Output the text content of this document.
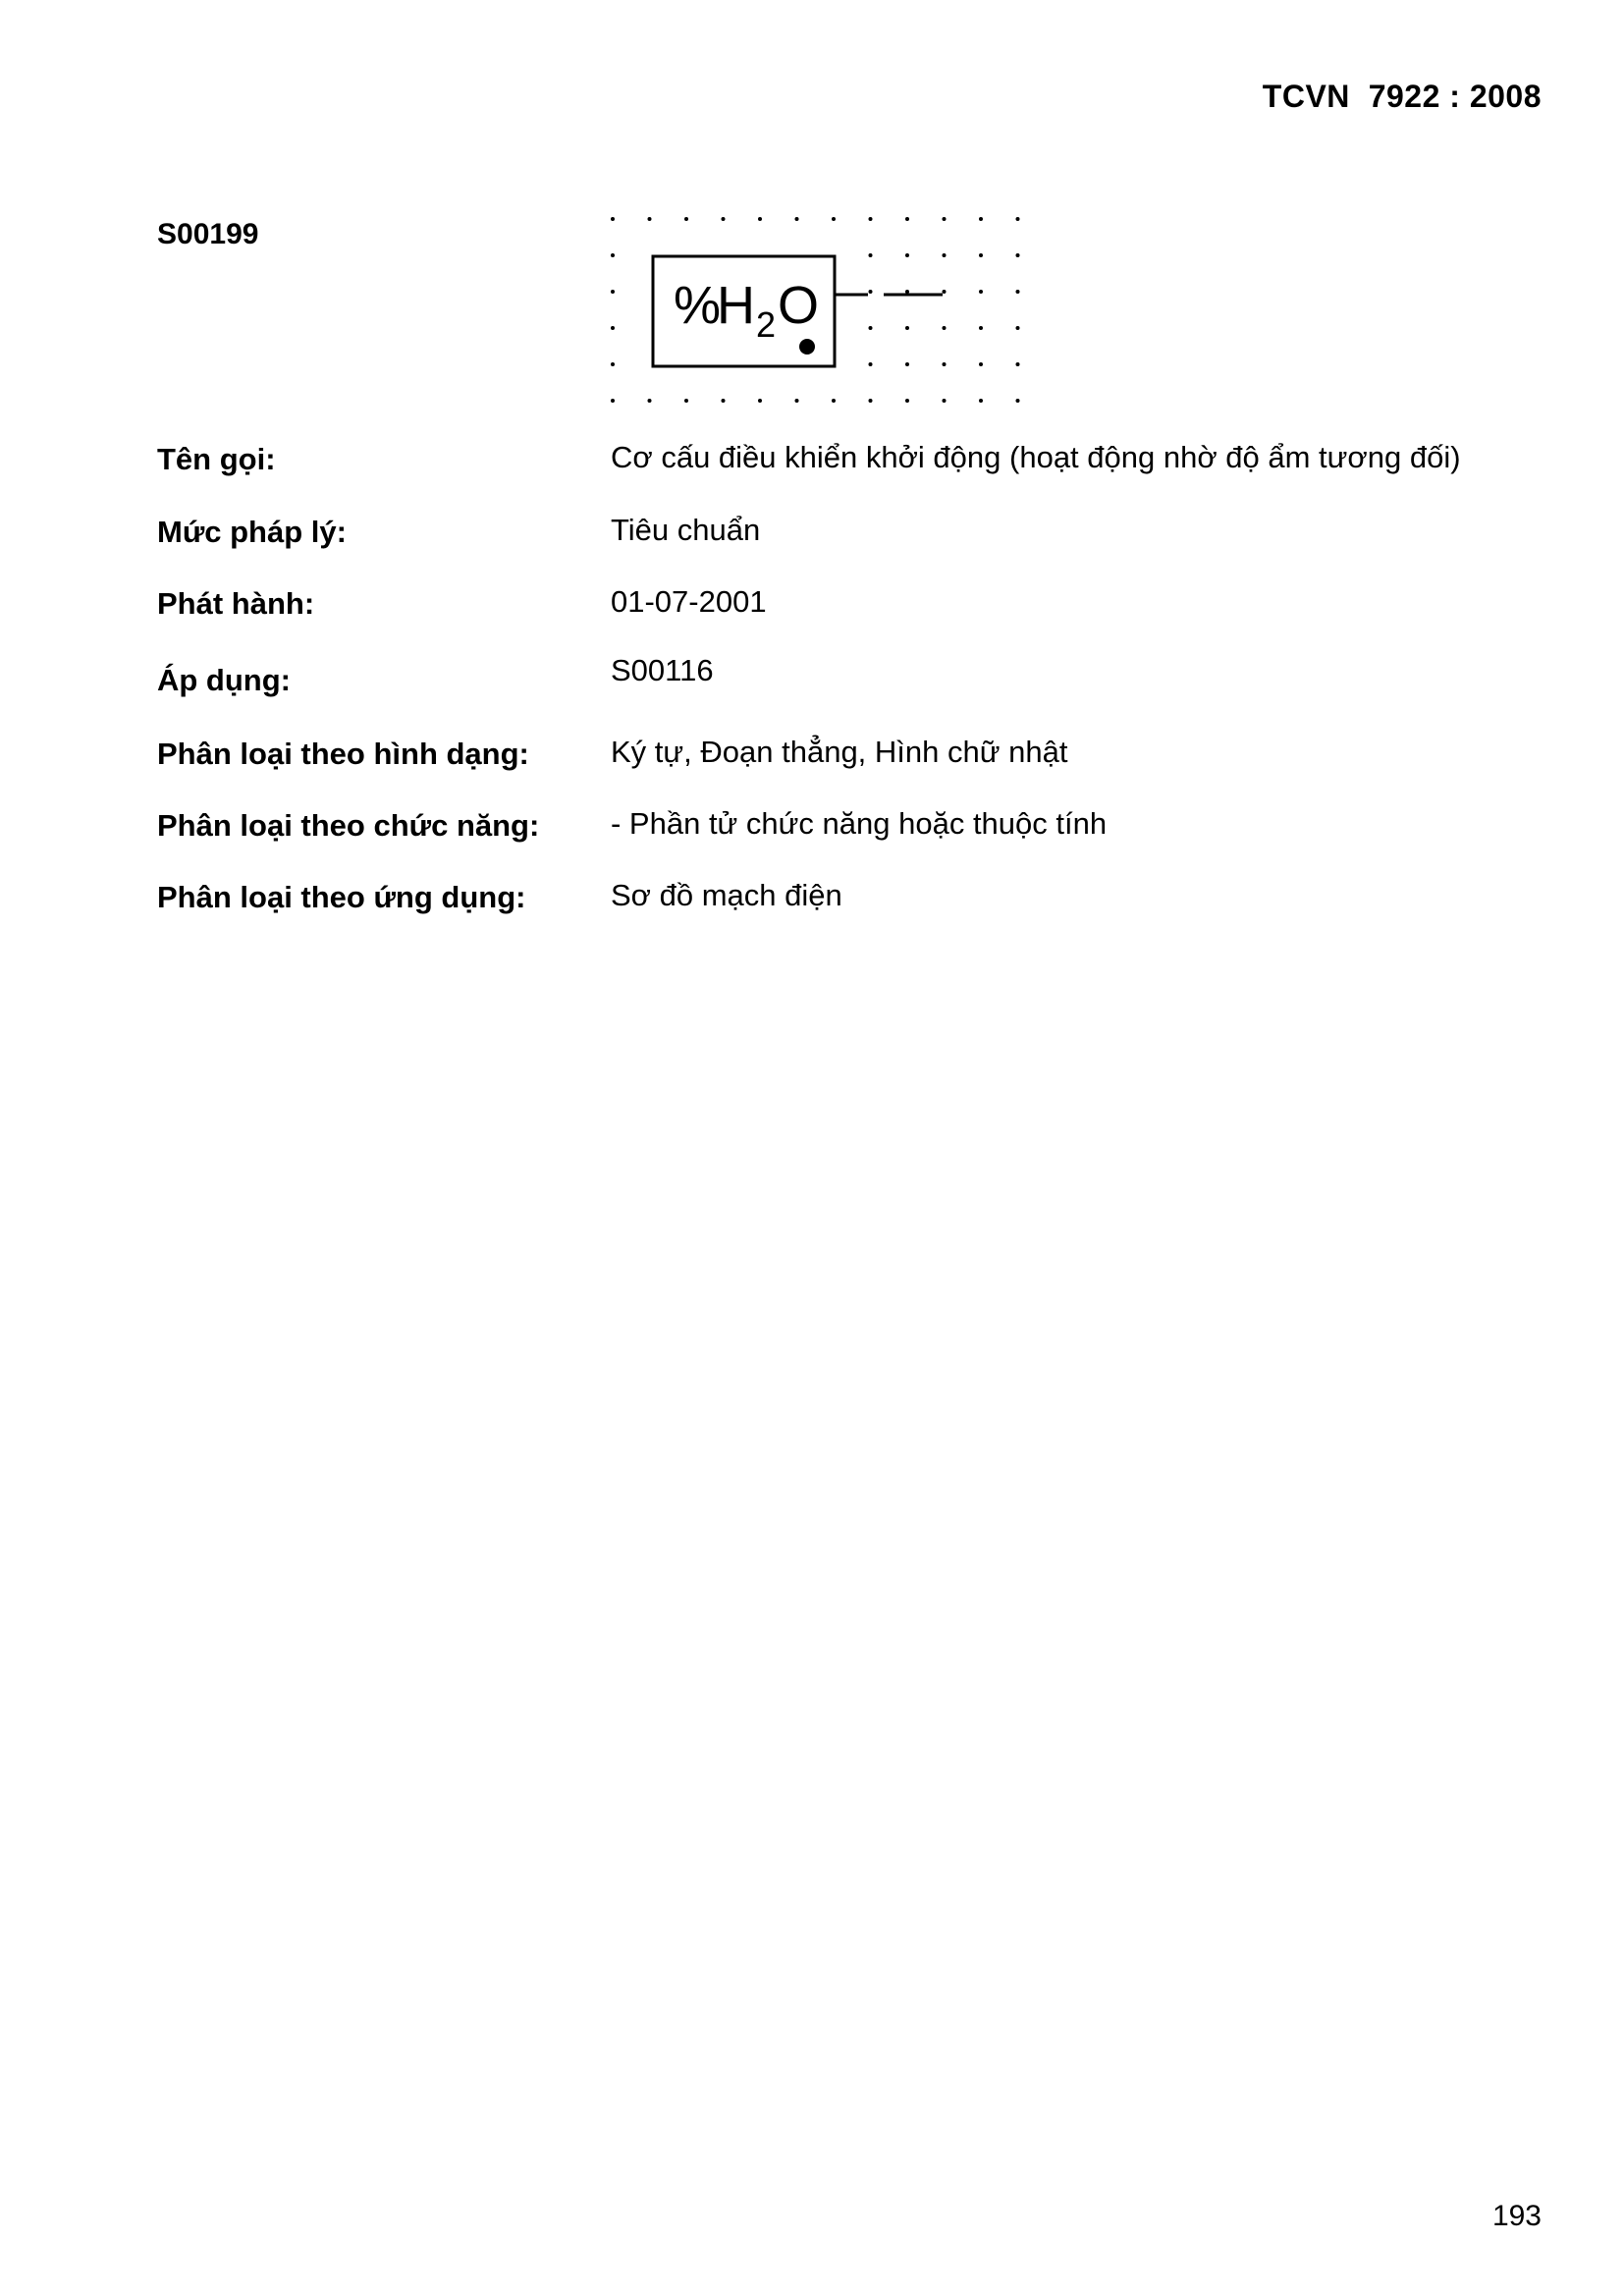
TCVN  7922 : 2008
S00199
%
H 2 O
Tên gọi:	Cơ cấu điều khiển khởi động (hoạt động nhờ độ ẩm tương đối)
Mức pháp lý:	Tiêu chuẩn
Phát hành:	01-07-2001
Áp dụng:	S00116
Phân loại theo hình dạng:	Ký tự, Đoạn thẳng, Hình chữ nhật
Phân loại theo chức năng: - Phần tử chức năng hoặc thuộc tính
Phân loại theo ứng dụng:	Sơ đồ mạch điện
193
